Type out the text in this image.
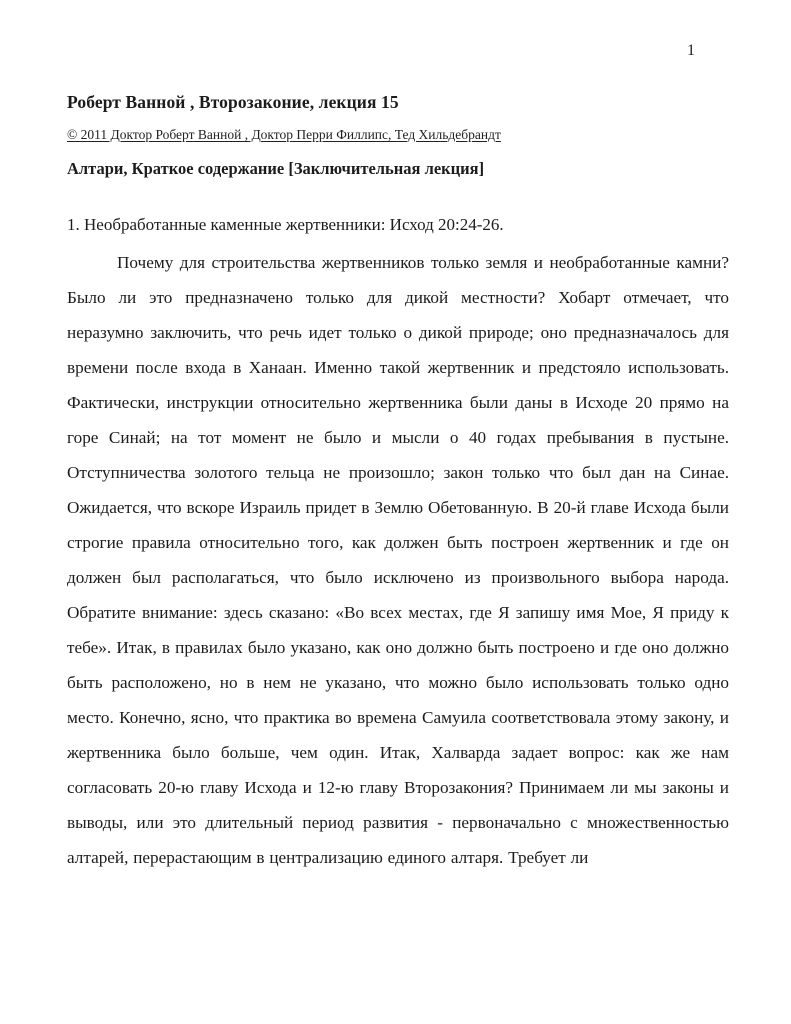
1
Роберт Ванной , Второзаконие, лекция 15
© 2011 Доктор Роберт Ванной , Доктор Перри Филлипс, Тед Хильдебрандт
Алтари, Краткое содержание [Заключительная лекция]
1. Необработанные каменные жертвенники: Исход 20:24-26.

Почему для строительства жертвенников только земля и необработанные камни? Было ли это предназначено только для дикой местности? Хобарт отмечает, что неразумно заключить, что речь идет только о дикой природе; оно предназначалось для времени после входа в Ханаан. Именно такой жертвенник и предстояло использовать. Фактически, инструкции относительно жертвенника были даны в Исходе 20 прямо на горе Синай; на тот момент не было и мысли о 40 годах пребывания в пустыне. Отступничества золотого тельца не произошло; закон только что был дан на Синае. Ожидается, что вскоре Израиль придет в Землю Обетованную. В 20-й главе Исхода были строгие правила относительно того, как должен быть построен жертвенник и где он должен был располагаться, что было исключено из произвольного выбора народа. Обратите внимание: здесь сказано: «Во всех местах, где Я запишу имя Мое, Я приду к тебе». Итак, в правилах было указано, как оно должно быть построено и где оно должно быть расположено, но в нем не указано, что можно было использовать только одно место. Конечно, ясно, что практика во времена Самуила соответствовала этому закону, и жертвенника было больше, чем один. Итак, Халварда задает вопрос: как же нам согласовать 20-ю главу Исхода и 12-ю главу Второзакония? Принимаем ли мы законы и выводы, или это длительный период развития - первоначально с множественностью алтарей, перерастающим в централизацию единого алтаря. Требует ли
